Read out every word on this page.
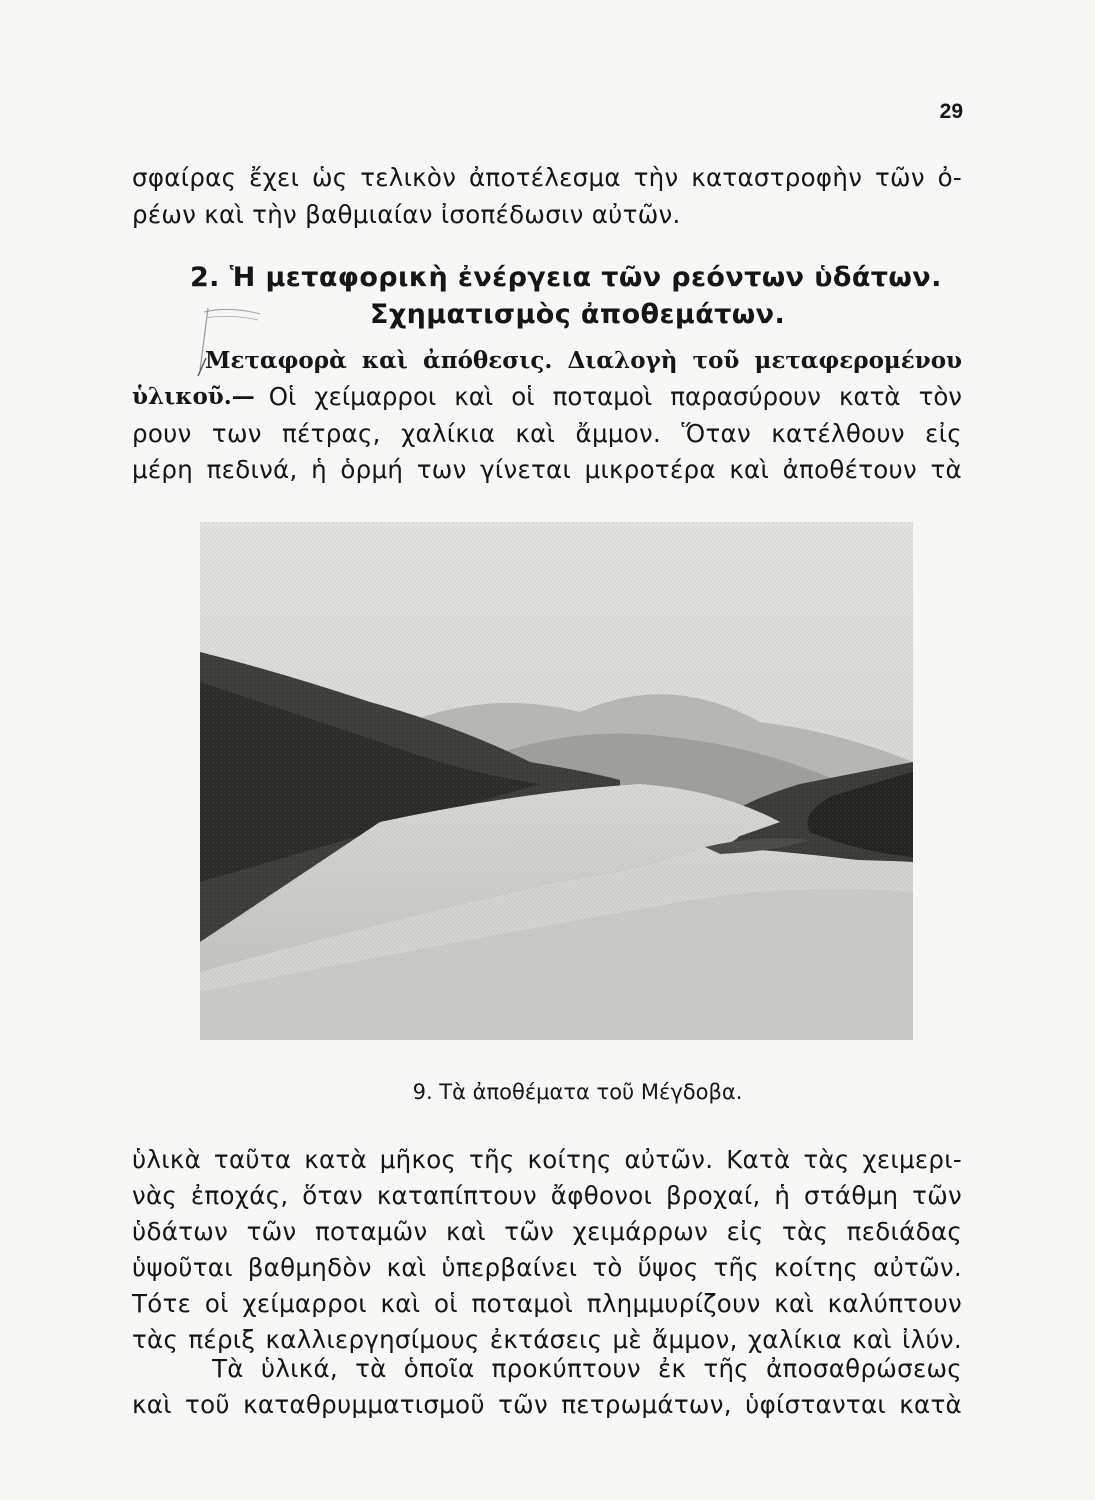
29
σφαίρας ἔχει ὡς τελικὸν ἀποτέλεσμα τὴν καταστροφὴν τῶν ὀ-
ρέων καὶ τὴν βαθμιαίαν ἰσοπέδωσιν αὐτῶν.
2. Ἡ μεταφορικὴ ἐνέργεια τῶν ρεόντων ὑδάτων.
Σχηματισμὸς ἀποθεμάτων.
Μεταφορὰ καὶ ἀπόθεσις. Διαλογὴ τοῦ μεταφερομένου
ὑλικοῦ.— Οἱ χείμαρροι καὶ οἱ ποταμοὶ παρασύρουν κατὰ τὸν
ρουν των πέτρας, χαλίκια καὶ ἄμμον. Ὅταν κατέλθουν εἰς
μέρη πεδινά, ἡ ὁρμή των γίνεται μικροτέρα καὶ ἀποθέτουν τὰ
9. Τὰ ἀποθέματα τοῦ Μέγδοβα.
ὑλικὰ ταῦτα κατὰ μῆκος τῆς κοίτης αὐτῶν. Κατὰ τὰς χειμερι-
νὰς ἐποχάς, ὅταν καταπίπτουν ἄφθονοι βροχαί, ἡ στάθμη τῶν
ὑδάτων τῶν ποταμῶν καὶ τῶν χειμάρρων εἰς τὰς πεδιάδας
ὑψοῦται βαθμηδὸν καὶ ὑπερβαίνει τὸ ὕψος τῆς κοίτης αὐτῶν.
Τότε οἱ χείμαρροι καὶ οἱ ποταμοὶ πλημμυρίζουν καὶ καλύπτουν
τὰς πέριξ καλλιεργησίμους ἐκτάσεις μὲ ἄμμον, χαλίκια καὶ ἰλύν.
Τὰ ὑλικά, τὰ ὁποῖα προκύπτουν ἐκ τῆς ἀποσαθρώσεως
καὶ τοῦ καταθρυμματισμοῦ τῶν πετρωμάτων, ὑφίστανται κατὰ
